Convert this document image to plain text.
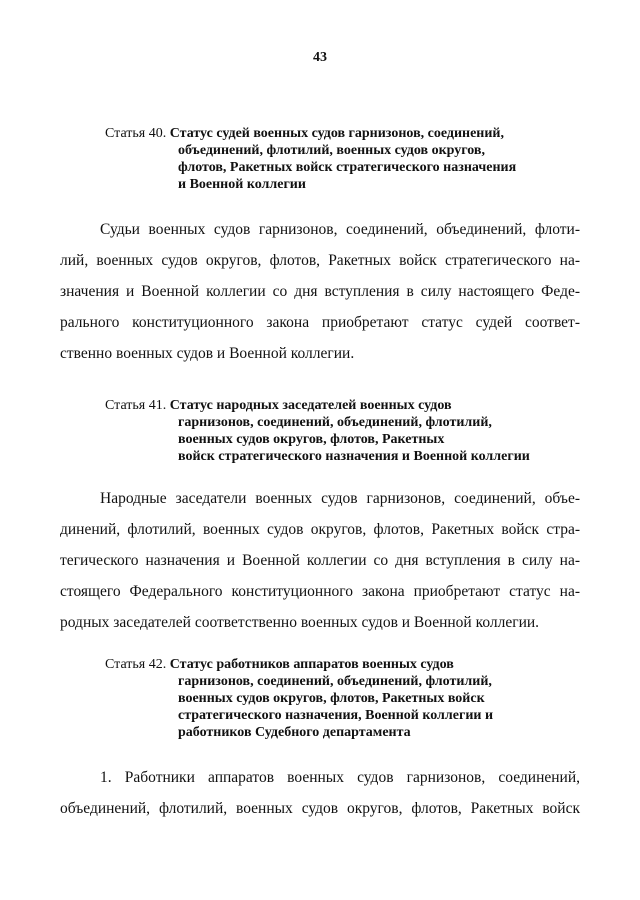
43
Статья 40. Статус судей военных судов гарнизонов, соединений,
объединений, флотилий, военных судов округов,
флотов, Ракетных войск стратегического назначения
и Военной коллегии
Судьи военных судов гарнизонов, соединений, объединений, флоти-
лий, военных судов округов, флотов, Ракетных войск стратегического на-
значения и Военной коллегии со дня вступления в силу настоящего Феде-
рального конституционного закона приобретают статус судей соответ-
ственно военных судов и Военной коллегии.
Статья 41. Статус народных заседателей военных судов
гарнизонов, соединений, объединений, флотилий,
военных судов округов, флотов, Ракетных
войск стратегического назначения и Военной коллегии
Народные заседатели военных судов гарнизонов, соединений, объе-
динений, флотилий, военных судов округов, флотов, Ракетных войск стра-
тегического назначения и Военной коллегии со дня вступления в силу на-
стоящего Федерального конституционного закона приобретают статус на-
родных заседателей соответственно военных судов и Военной коллегии.
Статья 42. Статус работников аппаратов военных судов
гарнизонов, соединений, объединений, флотилий,
военных судов округов, флотов, Ракетных войск
стратегического назначения, Военной коллегии и
работников Судебного департамента
1. Работники аппаратов военных судов гарнизонов, соединений,
объединений, флотилий, военных судов округов, флотов, Ракетных войск
